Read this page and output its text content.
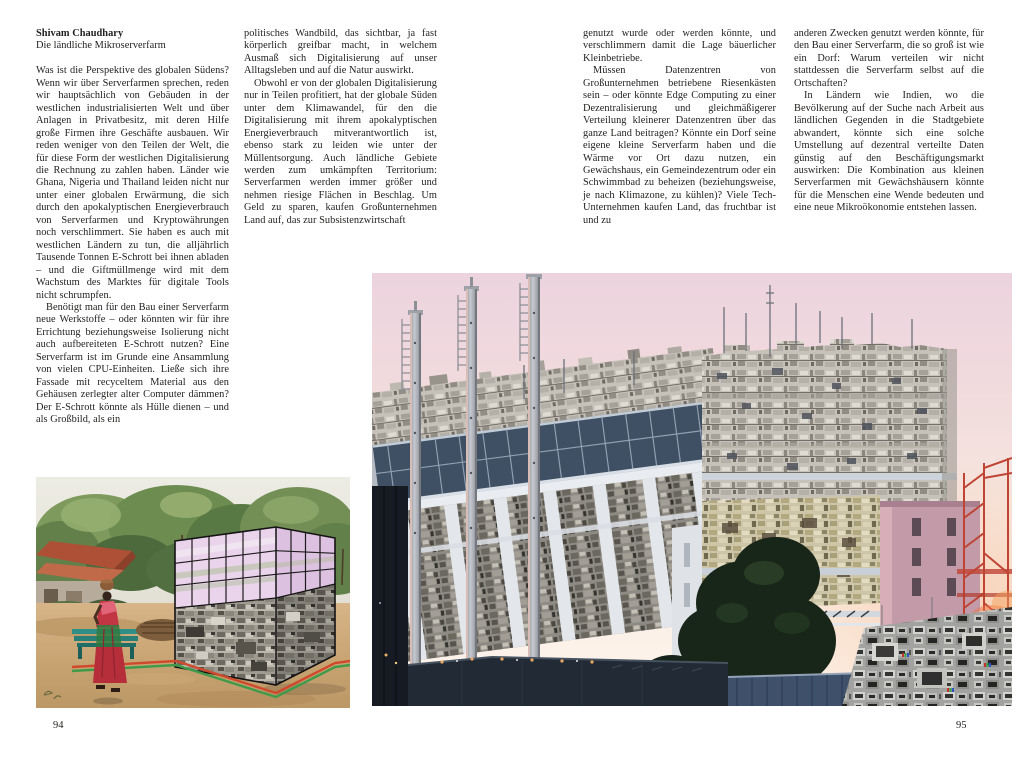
Shivam Chaudhary

Die ländliche Mikroserverfarm

Was ist die Perspektive des globalen Südens? Wenn wir über Serverfarmen sprechen, reden wir hauptsächlich von Gebäuden in der westlichen industrialisierten Welt und über Anlagen in Privatbesitz, mit deren Hilfe große Firmen ihre Geschäfte ausbauen. Wir reden weniger von den Teilen der Welt, die für diese Form der westlichen Digitalisierung die Rechnung zu zahlen haben. Länder wie Ghana, Nigeria und Thailand leiden nicht nur unter einer globalen Erwärmung, die sich durch den apokalyptischen Energieverbrauch von Serverfarmen und Kryptowährungen noch verschlimmert. Sie haben es auch mit westlichen Ländern zu tun, die alljährlich Tausende Tonnen E-Schrott bei ihnen abladen – und die Giftmüllmenge wird mit dem Wachstum des Marktes für digitale Tools nicht schrumpfen.

Benötigt man für den Bau einer Serverfarm neue Werkstoffe – oder könnten wir für ihre Errichtung beziehungsweise Isolierung nicht auch aufbereiteten E-Schrott nutzen? Eine Serverfarm ist im Grunde eine Ansammlung von vielen CPU-Einheiten. Ließe sich ihre Fassade mit recyceltem Material aus den Gehäusen zerlegter alter Computer dämmen? Der E-Schrott könnte als Hülle dienen – und als Großbild, als ein

politisches Wandbild, das sichtbar, ja fast körperlich greifbar macht, in welchem Ausmaß sich Digitalisierung auf unser Alltagsleben und auf die Natur auswirkt.

Obwohl er von der globalen Digitalisierung nur in Teilen profitiert, hat der globale Süden unter dem Klimawandel, für den die Digitalisierung mit ihrem apokalyptischen Energieverbrauch mitverantwortlich ist, ebenso stark zu leiden wie unter der Müllentsorgung. Auch ländliche Gebiete werden zum umkämpften Territorium: Serverfarmen werden immer größer und nehmen riesige Flächen in Beschlag. Um Geld zu sparen, kaufen Großunternehmen Land auf, das zur Subsistenzwirtschaft

genutzt wurde oder werden könnte, und verschlimmern damit die Lage bäuerlicher Kleinbetriebe.

Müssen Datenzentren von Großunternehmen betriebene Riesenkästen sein – oder könnte Edge Computing zu einer Dezentralisierung und gleichmäßigerer Verteilung kleinerer Datenzentren über das ganze Land beitragen? Könnte ein Dorf seine eigene kleine Serverfarm haben und die Wärme vor Ort dazu nutzen, ein Gewächshaus, ein Gemeindezentrum oder ein Schwimmbad zu beheizen (beziehungsweise, je nach Klimazone, zu kühlen)? Viele Tech-Unternehmen kaufen Land, das fruchtbar ist und zu

anderen Zwecken genutzt werden könnte, für den Bau einer Serverfarm, die so groß ist wie ein Dorf: Warum verteilen wir nicht stattdessen die Serverfarm selbst auf die Ortschaften?

In Ländern wie Indien, wo die Bevölkerung auf der Suche nach Arbeit aus ländlichen Gegenden in die Stadtgebiete abwandert, könnte sich eine solche Umstellung auf dezentral verteilte Daten günstig auf den Beschäftigungsmarkt auswirken: Die Kombination aus kleinen Serverfarmen mit Gewächshäusern könnte für die Menschen eine Wende bedeuten und eine neue Mikroökonomie entstehen lassen.

94	95
